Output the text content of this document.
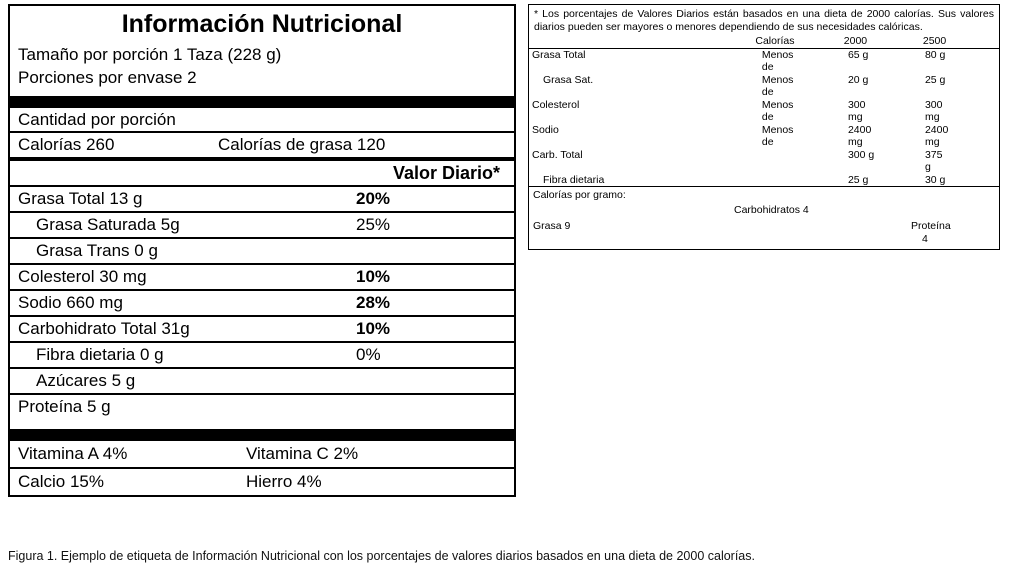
Información Nutricional
Tamaño por porción 1 Taza (228 g)
Porciones por envase 2
Cantidad por porción
Calorías 260	Calorías de grasa 120
Valor Diario*
Grasa Total 13 g	20%
Grasa Saturada 5g	25%
Grasa Trans 0 g
Colesterol 30 mg	10%
Sodio 660 mg	28%
Carbohidrato Total 31g	10%
Fibra dietaria 0 g	0%
Azúcares 5 g
Proteína 5 g
Vitamina A 4%	Vitamina C 2%
Calcio 15%	Hierro 4%
* Los porcentajes de Valores Diarios están basados en una dieta de 2000 calorías. Sus valores diarios pueden ser mayores o menores dependiendo de sus necesidades calóricas.
	Calorías	2000	2500
Grasa Total	Menos	65 g	80 g
	de		
Grasa Sat.	Menos	20 g	25 g
	de		
Colesterol	Menos	300	300
	de	mg	mg
Sodio	Menos	2400	2400
	de	mg	mg
Carb. Total		300 g	375
			g
Fibra dietaria		25 g	30 g
Calorías por gramo:
Carbohidratos 4
Grasa 9	Proteína
4
Figura 1. Ejemplo de etiqueta de Información Nutricional con los porcentajes de valores diarios basados en una dieta de 2000 calorías.
